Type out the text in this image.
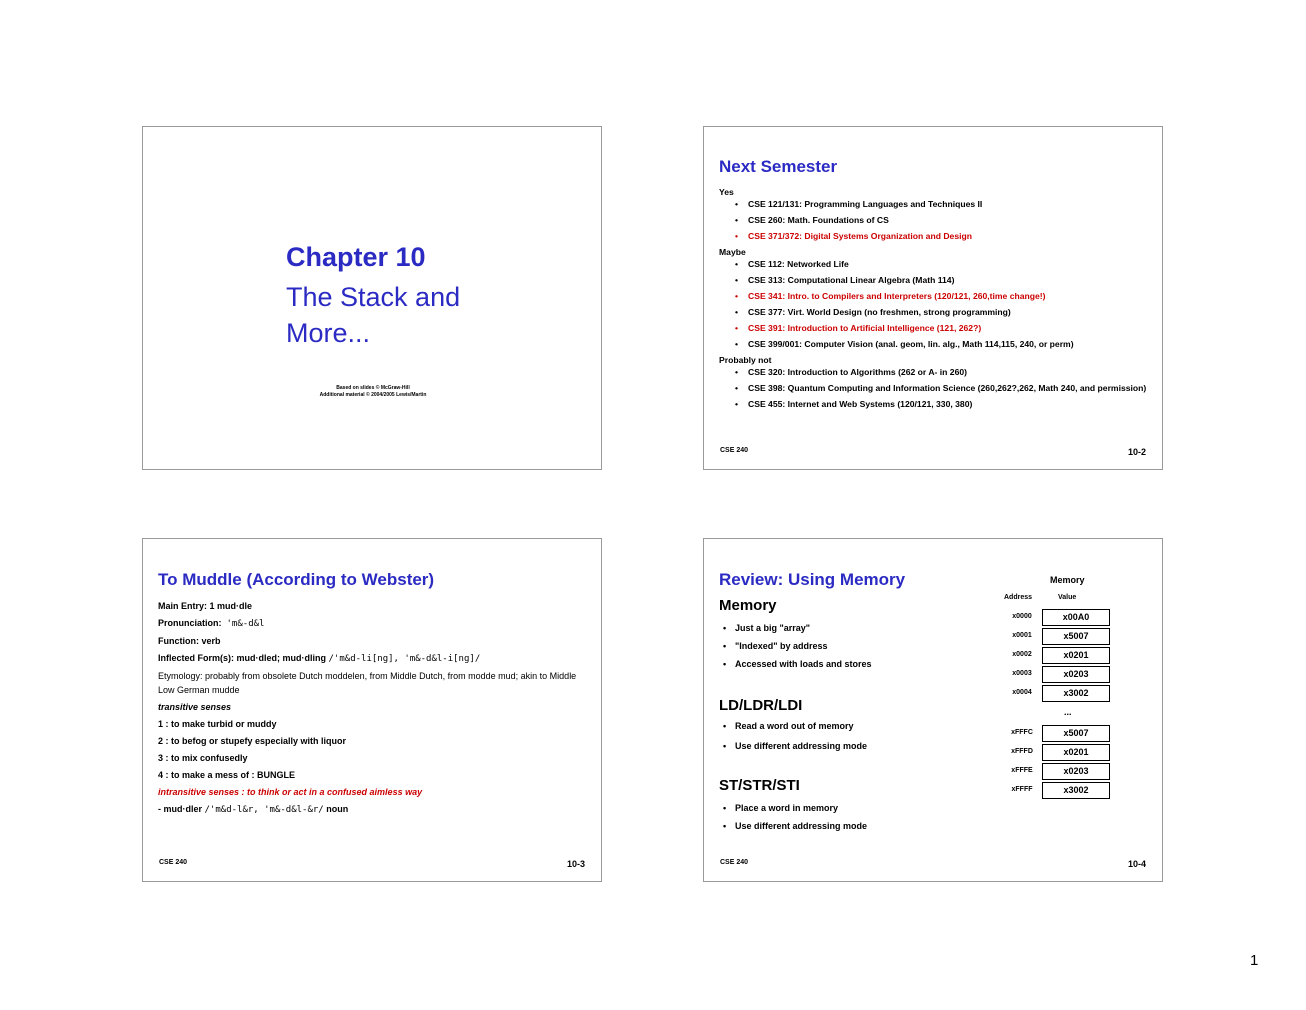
Chapter 10
The Stack and More...
Based on slides © McGraw-Hill
Additional material © 2004/2005 Lewis/Martin
Next Semester
Yes
• CSE 121/131: Programming Languages and Techniques II
• CSE 260: Math. Foundations of CS
• CSE 371/372: Digital Systems Organization and Design
Maybe
• CSE 112: Networked Life
• CSE 313: Computational Linear Algebra (Math 114)
• CSE 341: Intro. to Compilers and Interpreters (120/121, 260,time change!)
• CSE 377: Virt. World Design (no freshmen, strong programming)
• CSE 391: Introduction to Artificial Intelligence (121, 262?)
• CSE 399/001: Computer Vision (anal. geom, lin. alg., Math 114,115, 240, or perm)
Probably not
• CSE 320: Introduction to Algorithms (262 or A- in 260)
• CSE 398: Quantum Computing and Information Science (260,262?,262, Math 240, and permission)
• CSE 455: Internet and Web Systems (120/121, 330, 380)
CSE 240	10-2
To Muddle (According to Webster)

Main Entry: 1 mud·dle

Pronunciation: 'm&-d&l

Function: verb

Inflected Form(s): mud·dled; mud·dling /'m&d-li[ng], 'm&-d&l-i[ng]/

Etymology: probably from obsolete Dutch moddelen, from Middle Dutch, from modde mud; akin to Middle Low German mudde

transitive senses

1 : to make turbid or muddy

2 : to befog or stupefy especially with liquor

3 : to mix confusedly

4 : to make a mess of : BUNGLE

intransitive senses : to think or act in a confused aimless way

- mud·dler /'m&d-l&r, 'm&-d&l-&r/ noun

CSE 240	10-3
Review: Using Memory
Memory
• Just a big "array"
• "Indexed" by address
• Accessed with loads and stores
LD/LDR/LDI
• Read a word out of memory
• Use different addressing mode
ST/STR/STI
• Place a word in memory
• Use different addressing mode
Memory
Address	Value
x0000	x00A0
x0001	x5007
x0002	x0201
x0003	x0203
x0004	x3002
xFFFC	x5007
xFFFD	x0201
xFFFE	x0203
xFFFF	x3002
...
CSE 240	10-4
1
